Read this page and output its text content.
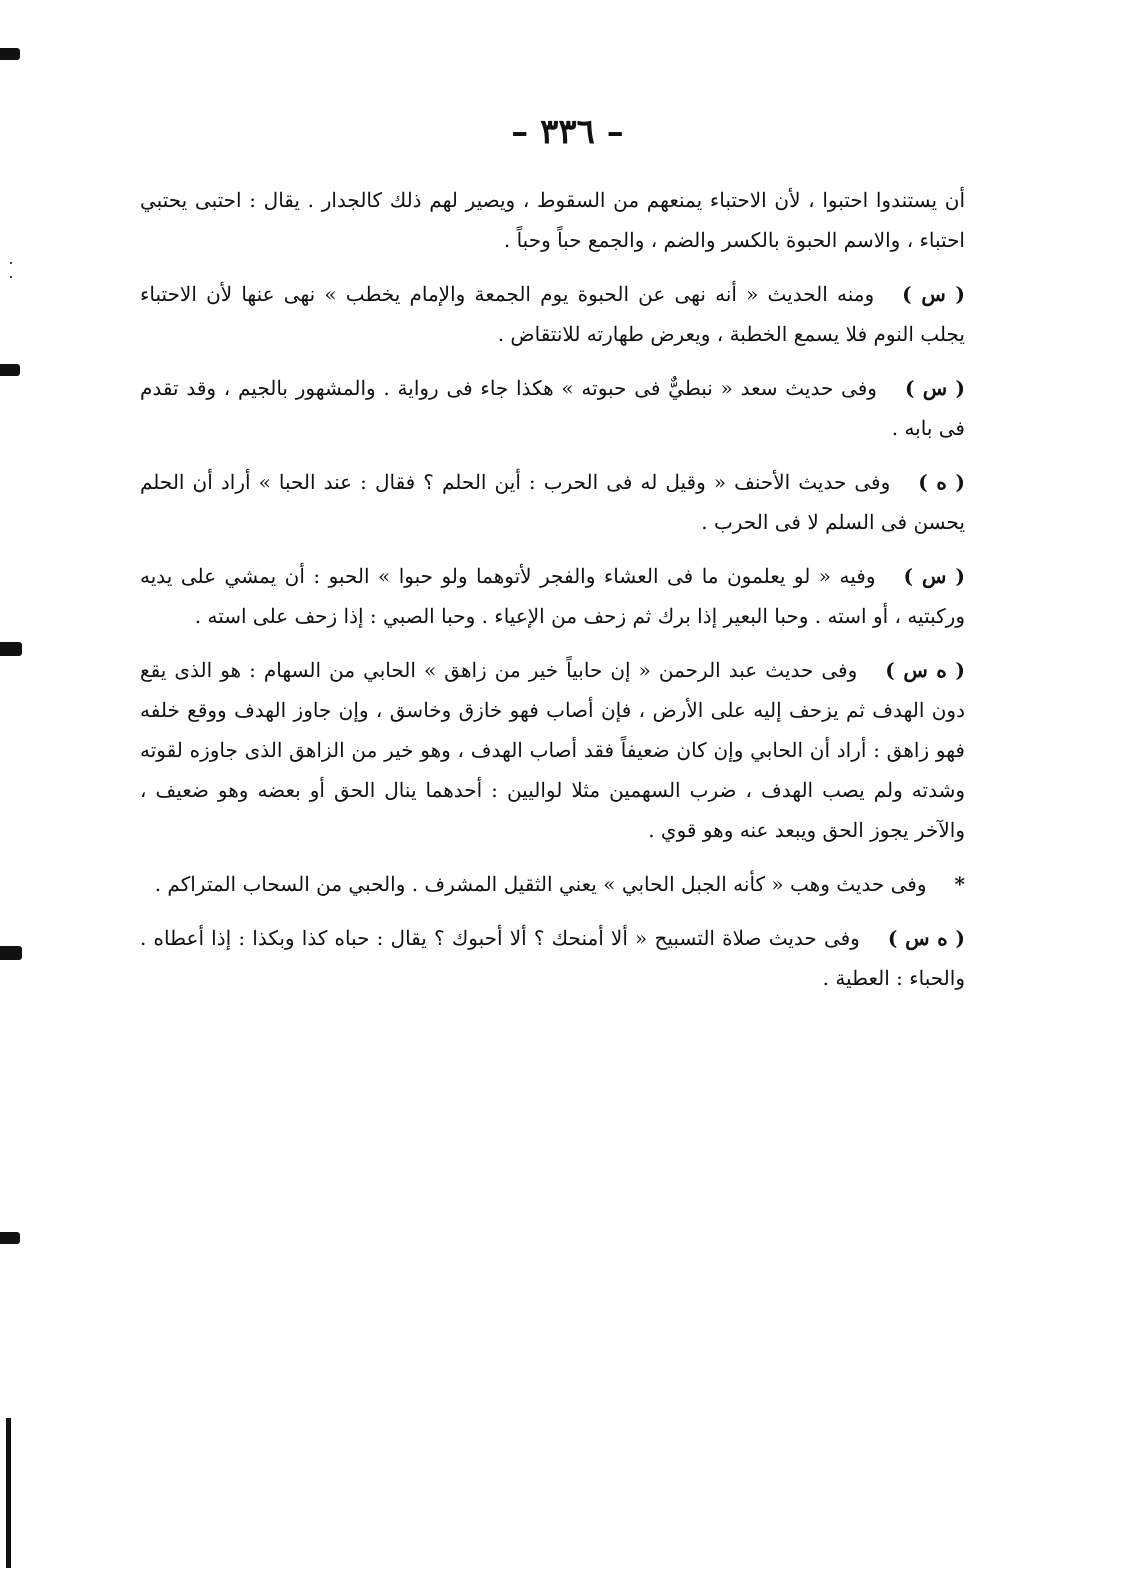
– ٣٣٦ –

أن يستندوا احتبوا ، لأن الاحتباء يمنعهم من السقوط ، ويصير لهم ذلك كالجدار . يقال : احتبى يحتبي احتباء ، والاسم الحبوة بالكسر والضم ، والجمع حباً وحباً .

( س )ومنه الحديث « أنه نهى عن الحبوة يوم الجمعة والإمام يخطب » نهى عنها لأن الاحتباء يجلب النوم فلا يسمع الخطبة ، ويعرض طهارته للانتقاض .

( س )وفى حديث سعد « نبطيٌّ فى حبوته » هكذا جاء فى رواية . والمشهور بالجيم ، وقد تقدم فى بابه .

( ه )وفى حديث الأحنف « وقيل له فى الحرب : أين الحلم ؟ فقال : عند الحبا » أراد أن الحلم يحسن فى السلم لا فى الحرب .

( س )وفيه « لو يعلمون ما فى العشاء والفجر لأتوهما ولو حبوا » الحبو : أن يمشي على يديه وركبتيه ، أو استه . وحبا البعير إذا برك ثم زحف من الإعياء . وحبا الصبي : إذا زحف على استه .

( ه س )وفى حديث عبد الرحمن « إن حابياً خير من زاهق » الحابي من السهام : هو الذى يقع دون الهدف ثم يزحف إليه على الأرض ، فإن أصاب فهو خازق وخاسق ، وإن جاوز الهدف ووقع خلفه فهو زاهق : أراد أن الحابي وإن كان ضعيفاً فقد أصاب الهدف ، وهو خير من الزاهق الذى جاوزه لقوته وشدته ولم يصب الهدف ، ضرب السهمين مثلا لواليين : أحدهما ينال الحق أو بعضه وهو ضعيف ، والآخر يجوز الحق ويبعد عنه وهو قوي .

*وفى حديث وهب « كأنه الجبل الحابي » يعني الثقيل المشرف . والحبي من السحاب المتراكم .

( ه س )وفى حديث صلاة التسبيح « ألا أمنحك ؟ ألا أحبوك ؟ يقال : حباه كذا وبكذا : إذا أعطاه . والحباء : العطية .
